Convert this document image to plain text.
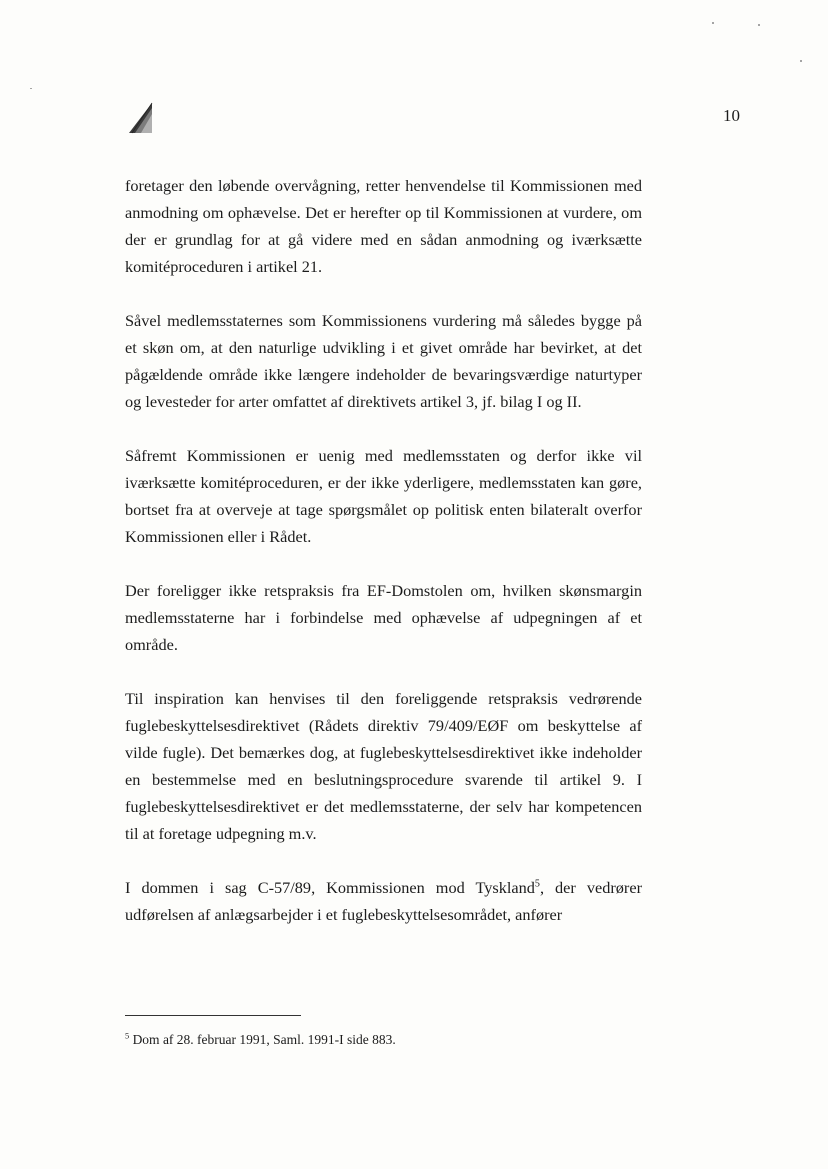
10

foretager den løbende overvågning, retter henvendelse til Kommissionen med anmodning om ophævelse. Det er herefter op til Kommissionen at vurdere, om der er grundlag for at gå videre med en sådan anmodning og iværksætte komitéproceduren i artikel 21.

Såvel medlemsstaternes som Kommissionens vurdering må således bygge på et skøn om, at den naturlige udvikling i et givet område har bevirket, at det pågældende område ikke længere indeholder de bevaringsværdige naturtyper og levesteder for arter omfattet af direktivets artikel 3, jf. bilag I og II.

Såfremt Kommissionen er uenig med medlemsstaten og derfor ikke vil iværksætte komitéproceduren, er der ikke yderligere, medlemsstaten kan gøre, bortset fra at overveje at tage spørgsmålet op politisk enten bilateralt overfor Kommissionen eller i Rådet.

Der foreligger ikke retspraksis fra EF-Domstolen om, hvilken skønsmargin medlemsstaterne har i forbindelse med ophævelse af udpegningen af et område.

Til inspiration kan henvises til den foreliggende retspraksis vedrørende fuglebeskyttelsesdirektivet (Rådets direktiv 79/409/EØF om beskyttelse af vilde fugle). Det bemærkes dog, at fuglebeskyttelsesdirektivet ikke indeholder en bestemmelse med en beslutningsprocedure svarende til artikel 9. I fuglebeskyttelsesdirektivet er det medlemsstaterne, der selv har kompetencen til at foretage udpegning m.v.

I dommen i sag C-57/89, Kommissionen mod Tyskland$^5$, der vedrører udførelsen af anlægsarbejder i et fuglebeskyttelsesområdet, anfører

$^5$ Dom af 28. februar 1991, Saml. 1991-I side 883.
